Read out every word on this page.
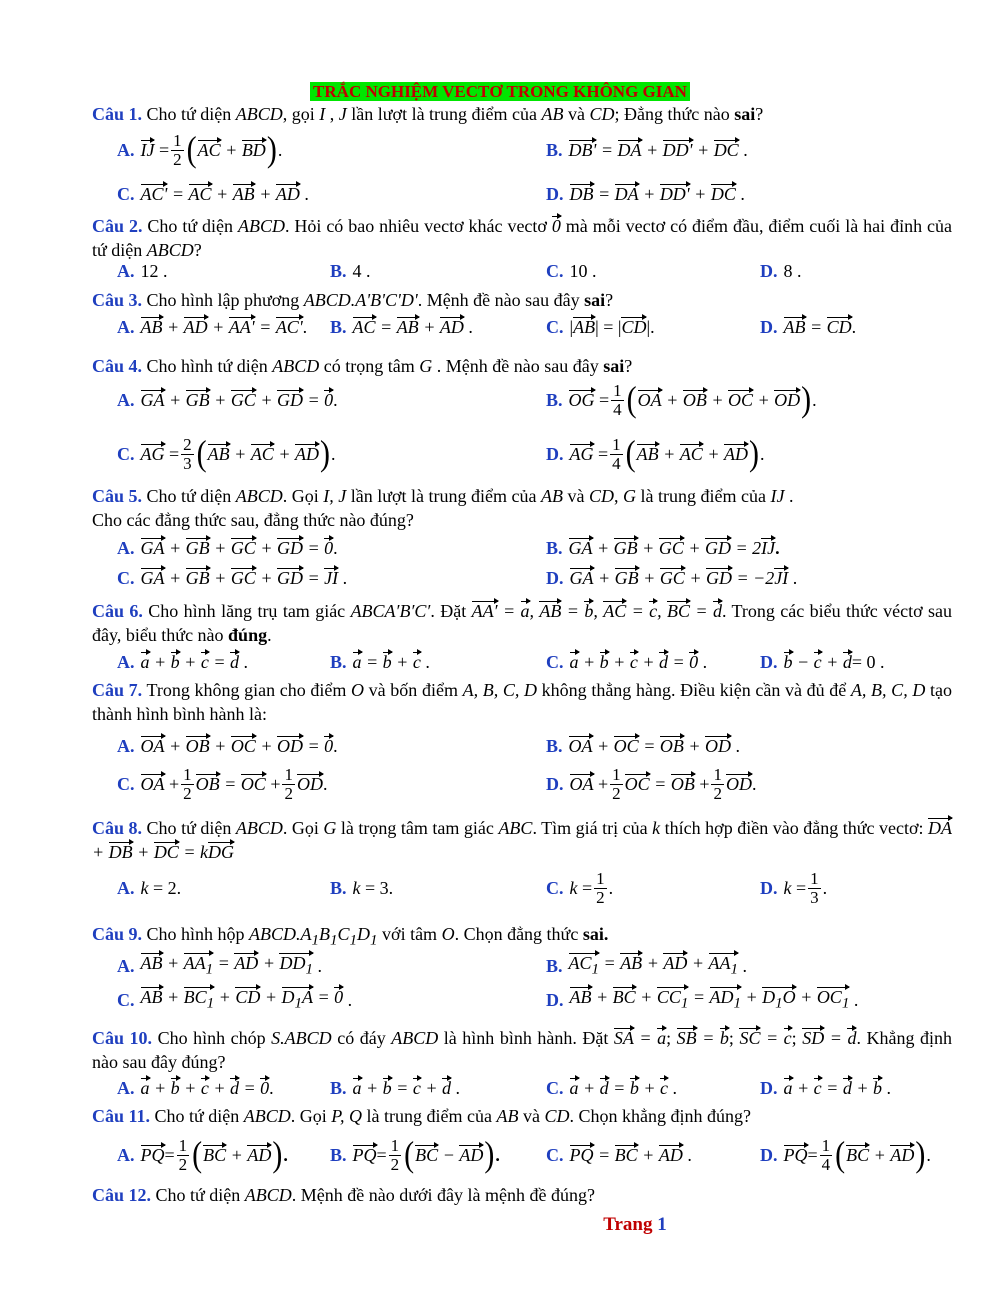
TRẮC NGHIỆM VECTƠ TRONG KHÔNG GIAN
Câu 1. Cho tứ diện ABCD, gọi I , J lần lượt là trung điểm của AB và CD; Đẳng thức nào sai?
A. IJ = $\frac{1}{2}$ ( AC + BD ) .	B. DB' = DA + DD' + DC .
C. AC' = AC + AB + AD .	D. DB = DA + DD' + DC .
Câu 2. Cho tứ diện ABCD. Hỏi có bao nhiêu vectơ khác vectơ 0 mà mỗi vectơ có điểm đầu, điểm cuối là hai đỉnh của tứ diện ABCD?
A. 12 .	B. 4 .	C. 10 .	D. 8 .
Câu 3. Cho hình lập phương ABCD.A'B'C'D'. Mệnh đề nào sau đây sai?
A. AB + AD + AA' = AC' . B. AC = AB + AD .	C. | AB | = | CD |.	D. AB = CD .
Câu 4. Cho hình tứ diện ABCD có trọng tâm G . Mệnh đề nào sau đây sai?
A. GA + GB + GC + GD = 0 .	B. OG = $\frac{1}{4}$ ( OA + OB + OC + OD ) .
C. AG = $\frac{2}{3}$ ( AB + AC + AD ) .	D. AG = $\frac{1}{4}$ ( AB + AC + AD ) .
Câu 5. Cho tứ diện ABCD. Gọi I, J lần lượt là trung điểm của AB và CD, G là trung điểm của IJ .
Cho các đẳng thức sau, đẳng thức nào đúng?
A. GA + GB + GC + GD = 0 .	B. GA + GB + GC + GD = 2IJ .
C. GA + GB + GC + GD = JI .	D. GA + GB + GC + GD = −2JI .
Câu 6. Cho hình lăng trụ tam giác ABCA′B′C′. Đặt AA′ = a, AB = b, AC = c, BC = d. Trong các biểu thức véctơ sau đây, biểu thức nào đúng.
A. a + b + c = d .	B. a = b + c .	C. a + b + c + d = 0 .	D. b − c + d = 0 .
Câu 7. Trong không gian cho điểm O và bốn điểm A, B, C, D không thẳng hàng. Điều kiện cần và đủ để A, B, C, D tạo thành hình bình hành là:
A. OA + OB + OC + OD = 0 .	B. OA + OC = OB + OD .
C. OA + $\frac{1}{2}$ OB = OC + $\frac{1}{2}$ OD .	D. OA + $\frac{1}{2}$ OC = OB + $\frac{1}{2}$ OD .
Câu 8. Cho tứ diện ABCD. Gọi G là trọng tâm tam giác ABC. Tìm giá trị của k thích hợp điền vào đẳng thức vectơ: DA + DB + DC = kDG
A. k = 2.	B. k = 3.	C. $k = \frac{1}{2}$ .	D. $k = \frac{1}{3}$ .
Câu 9. Cho hình hộp $ABCD.A_1B_1C_1D_1$ với tâm O. Chọn đẳng thức sai.
A. AB + $AA_1$ = AD + $DD_1$ .	B. $AC_1$ = AB + AD + $AA_1$ .
C. AB + $BC_1$ + CD + $D_1A = 0$ .	D. AB + BC + $CC_1 = AD_1 + D_1O + OC_1$ .
Câu 10. Cho hình chóp S.ABCD có đáy ABCD là hình bình hành. Đặt SA = a; SB = b; SC = c; SD = d. Khẳng định nào sau đây đúng?
A. a + b + c + d = 0 .	B. a + b = c + d .	C. a + d = b + c .	D. a + c = d + b .
Câu 11. Cho tứ diện ABCD. Gọi P, Q là trung điểm của AB và CD. Chọn khẳng định đúng?
A. PQ = $\frac{1}{2}$ ( BC + AD ) . B. PQ = $\frac{1}{2}$ ( BC − AD ) .	C. PQ = BC + AD .	D. PQ = $\frac{1}{4}$ ( BC + AD ) .
Câu 12. Cho tứ diện ABCD. Mệnh đề nào dưới đây là mệnh đề đúng?
Trang 1
